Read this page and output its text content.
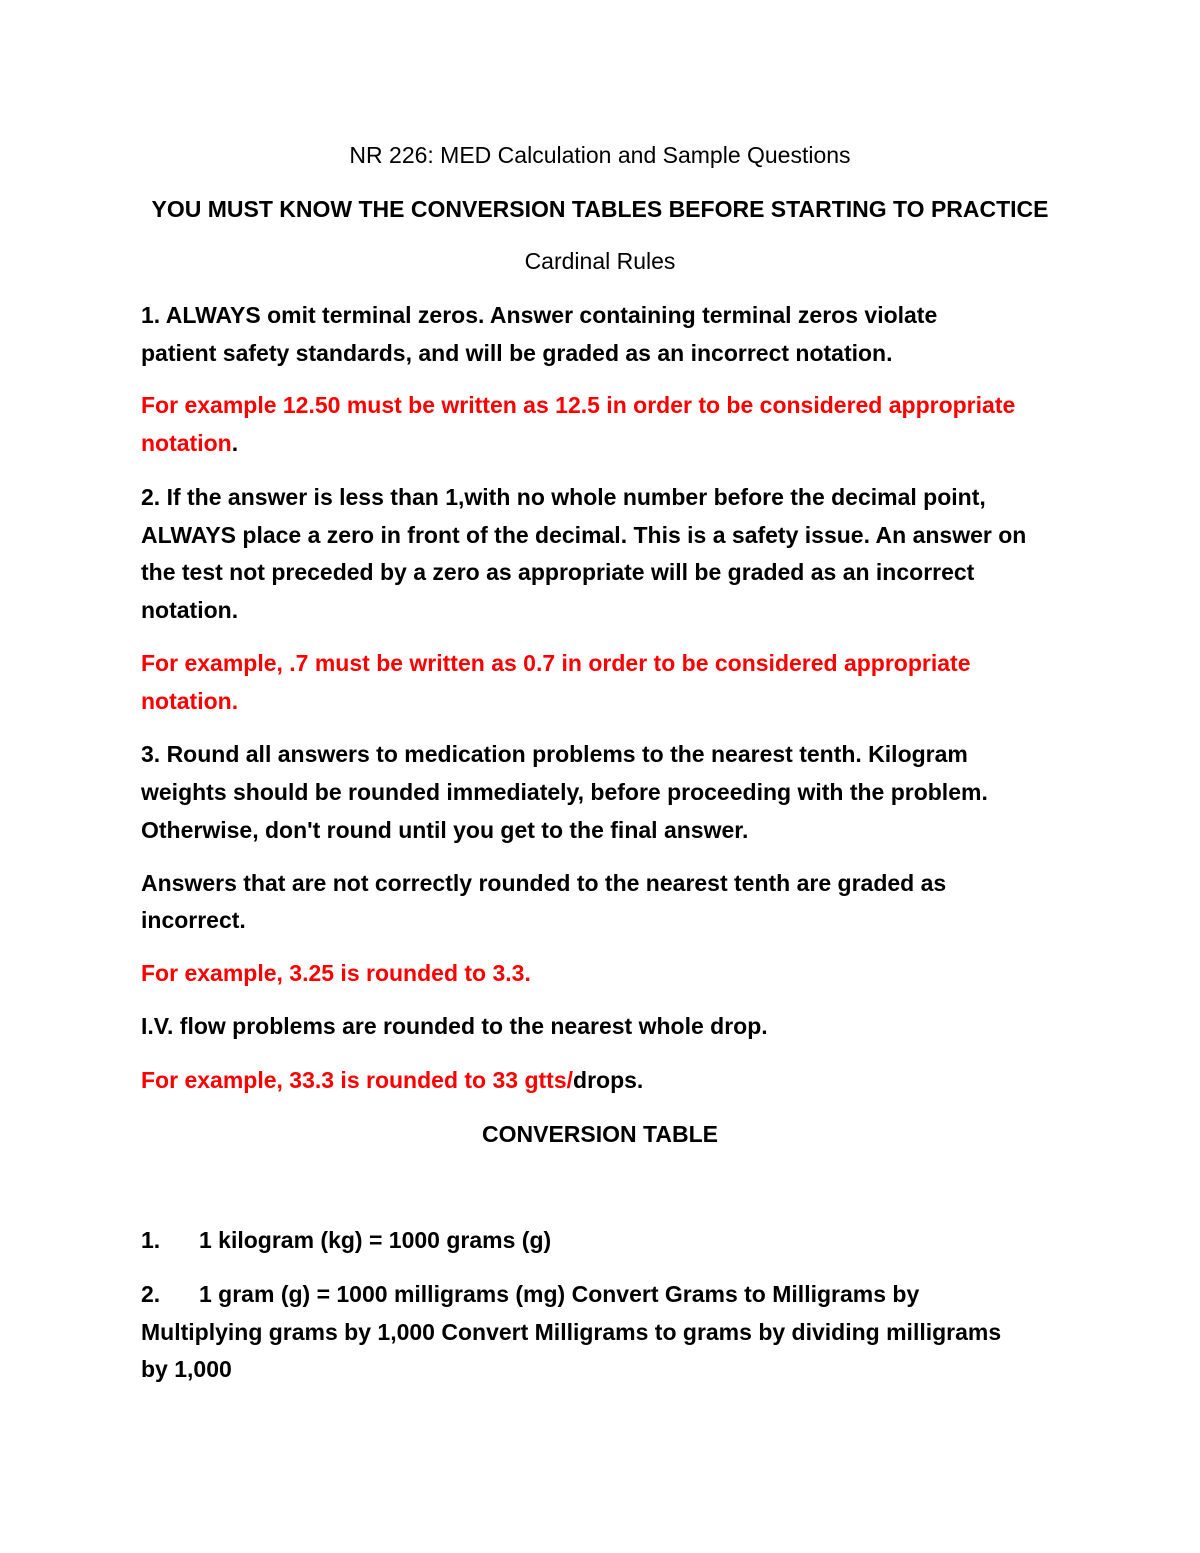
NR 226: MED Calculation and Sample Questions
YOU MUST KNOW THE CONVERSION TABLES BEFORE STARTING TO PRACTICE
Cardinal Rules
1. ALWAYS omit terminal zeros. Answer containing terminal zeros violate
patient safety standards, and will be graded as an incorrect notation.
For example 12.50 must be written as 12.5 in order to be considered appropriate
notation.
2. If the answer is less than 1,with no whole number before the decimal point,
ALWAYS place a zero in front of the decimal. This is a safety issue. An answer on
the test not preceded by a zero as appropriate will be graded as an incorrect
notation.
For example, .7 must be written as 0.7 in order to be considered appropriate
notation.
3. Round all answers to medication problems to the nearest tenth. Kilogram
weights should be rounded immediately, before proceeding with the problem.
Otherwise, don't round until you get to the final answer.
Answers that are not correctly rounded to the nearest tenth are graded as
incorrect.
For example, 3.25 is rounded to 3.3.
I.V. flow problems are rounded to the nearest whole drop.
For example, 33.3 is rounded to 33 gtts/drops.
CONVERSION TABLE
1. 1 kilogram (kg) = 1000 grams (g)
2. 1 gram (g) = 1000 milligrams (mg) Convert Grams to Milligrams by
Multiplying grams by 1,000 Convert Milligrams to grams by dividing milligrams
by 1,000
